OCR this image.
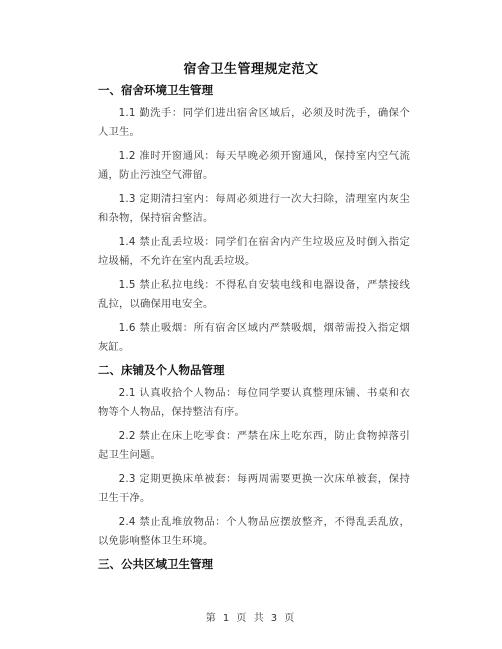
宿舍卫生管理规定范文
一、宿舍环境卫生管理

1.1 勤洗手：同学们进出宿舍区域后，必须及时洗手，确保个人卫生。

1.2 准时开窗通风：每天早晚必须开窗通风，保持室内空气流通，防止污浊空气滞留。

1.3 定期清扫室内：每周必须进行一次大扫除，清理室内灰尘和杂物，保持宿舍整洁。

1.4 禁止乱丢垃圾：同学们在宿舍内产生垃圾应及时倒入指定垃圾桶，不允许在室内乱丢垃圾。

1.5 禁止私拉电线：不得私自安装电线和电器设备，严禁接线乱拉，以确保用电安全。

1.6 禁止吸烟：所有宿舍区域内严禁吸烟，烟蒂需投入指定烟灰缸。

二、床铺及个人物品管理

2.1 认真收拾个人物品：每位同学要认真整理床铺、书桌和衣物等个人物品，保持整洁有序。

2.2 禁止在床上吃零食：严禁在床上吃东西，防止食物掉落引起卫生问题。

2.3 定期更换床单被套：每两周需要更换一次床单被套，保持卫生干净。

2.4 禁止乱堆放物品：个人物品应摆放整齐，不得乱丢乱放，以免影响整体卫生环境。

三、公共区域卫生管理
第 1 页 共 3 页
